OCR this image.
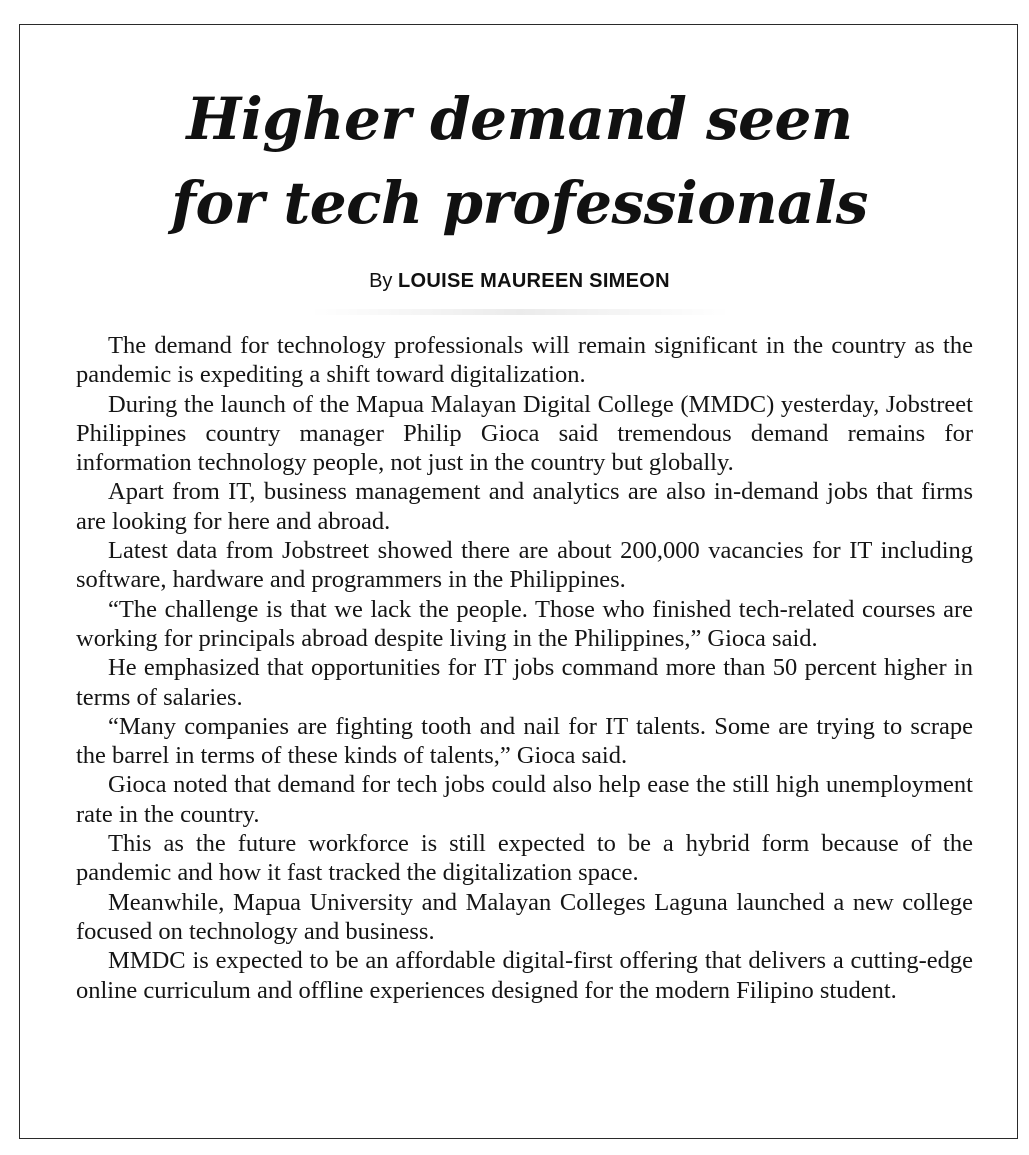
Higher demand seen
for tech professionals
By LOUISE MAUREEN SIMEON

The demand for technology professionals will remain significant in the country as the pandemic is expediting a shift toward digitalization.

During the launch of the Mapua Malayan Digital College (MMDC) yesterday, Jobstreet Philippines country manager Philip Gioca said tremendous demand remains for information technology people, not just in the country but globally.

Apart from IT, business management and analytics are also in-demand jobs that firms are looking for here and abroad.

Latest data from Jobstreet showed there are about 200,000 vacancies for IT including software, hardware and programmers in the Philippines.

“The challenge is that we lack the people. Those who finished tech-related courses are working for principals abroad despite living in the Philippines,” Gioca said.

He emphasized that opportunities for IT jobs command more than 50 percent higher in terms of salaries.

“Many companies are fighting tooth and nail for IT talents. Some are trying to scrape the barrel in terms of these kinds of talents,” Gioca said.

Gioca noted that demand for tech jobs could also help ease the still high unemployment rate in the country.

This as the future workforce is still expected to be a hybrid form because of the pandemic and how it fast tracked the digitalization space.

Meanwhile, Mapua University and Malayan Colleges Laguna launched a new college focused on technology and business.

MMDC is expected to be an affordable digital-first offering that delivers a cutting-edge online curriculum and offline experiences designed for the modern Filipino student.
